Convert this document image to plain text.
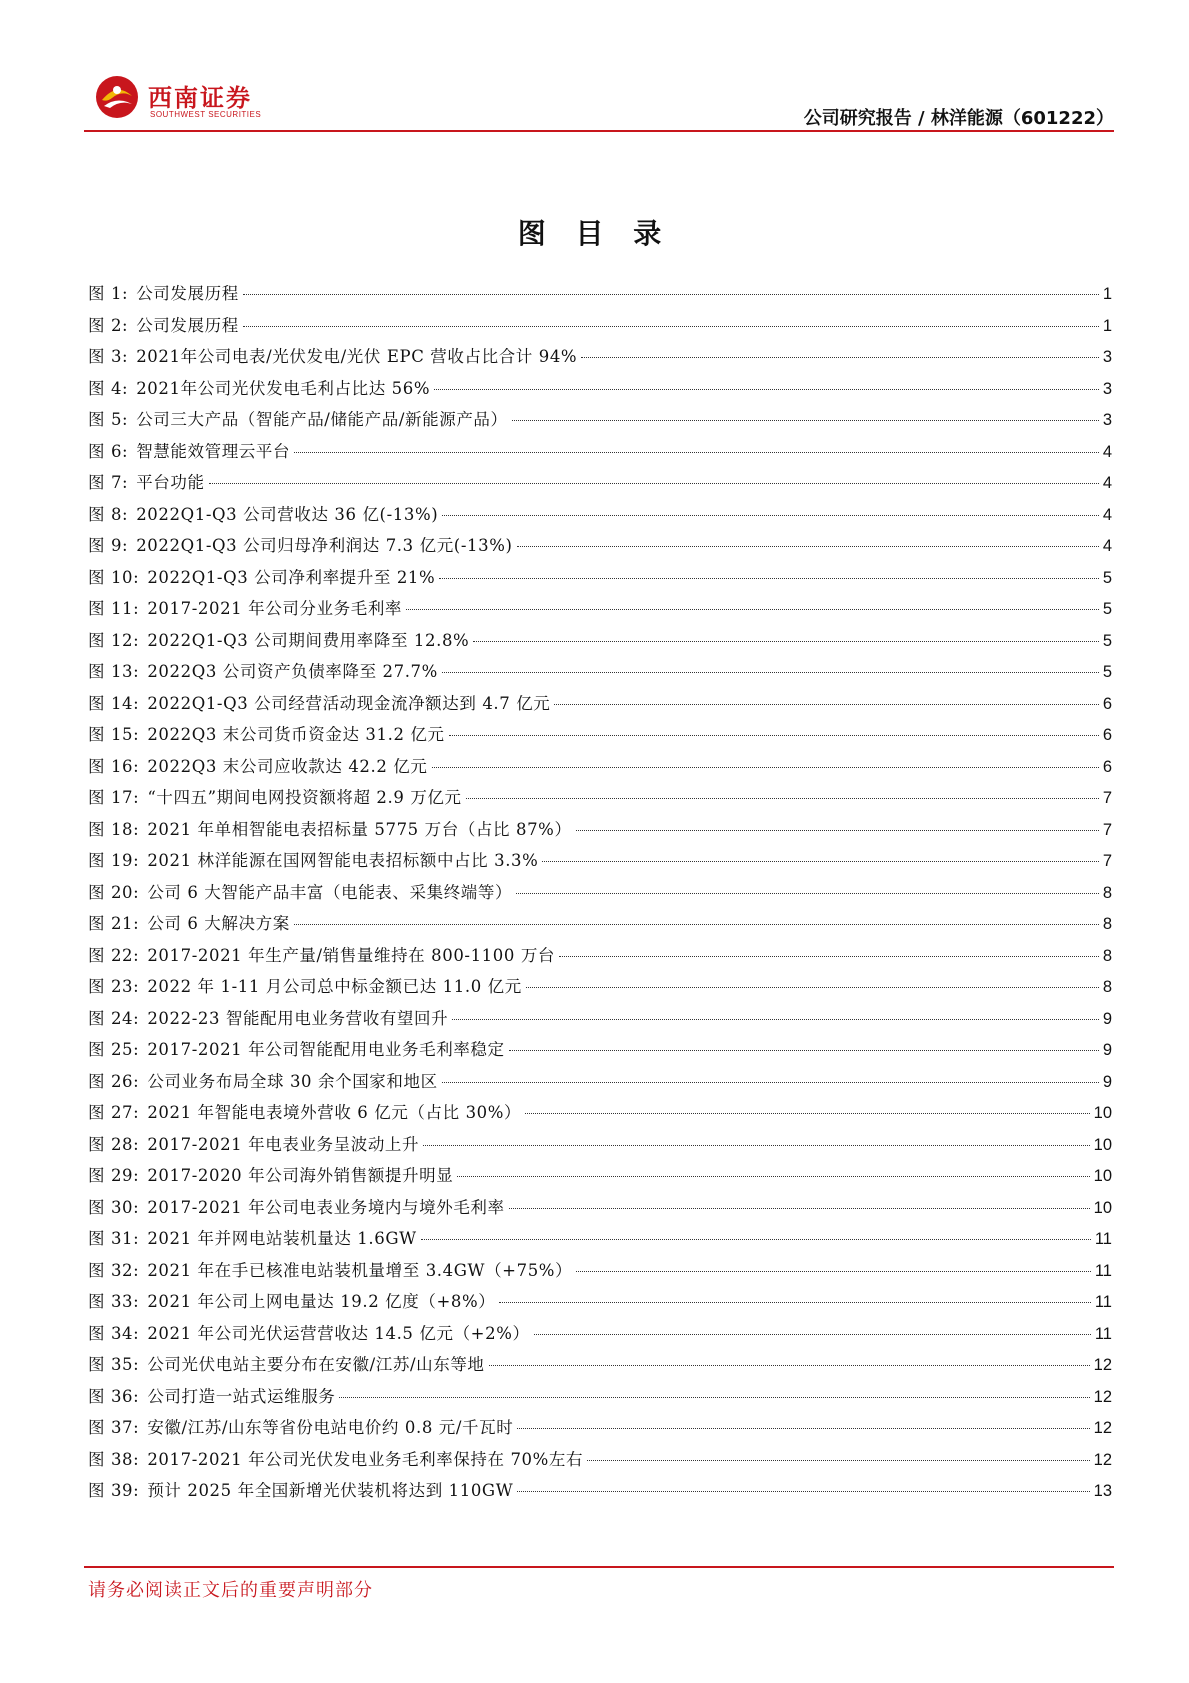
西南证券
SOUTHWEST SECURITIES	公司研究报告 / 林洋能源（601222）
图 目 录
图 1: 公司发展历程	1
图 2: 公司发展历程	1
图 3: 2021年公司电表/光伏发电/光伏 EPC 营收占比合计 94%	3
图 4: 2021年公司光伏发电毛利占比达 56%	3
图 5: 公司三大产品（智能产品/储能产品/新能源产品）	3
图 6: 智慧能效管理云平台	4
图 7: 平台功能	4
图 8: 2022Q1-Q3 公司营收达 36 亿(-13%)	4
图 9: 2022Q1-Q3 公司归母净利润达 7.3 亿元(-13%)	4
图 10: 2022Q1-Q3 公司净利率提升至 21%	5
图 11: 2017-2021 年公司分业务毛利率	5
图 12: 2022Q1-Q3 公司期间费用率降至 12.8%	5
图 13: 2022Q3 公司资产负债率降至 27.7%	5
图 14: 2022Q1-Q3 公司经营活动现金流净额达到 4.7 亿元	6
图 15: 2022Q3 末公司货币资金达 31.2 亿元	6
图 16: 2022Q3 末公司应收款达 42.2 亿元	6
图 17: “十四五”期间电网投资额将超 2.9 万亿元	7
图 18: 2021 年单相智能电表招标量 5775 万台（占比 87%）	7
图 19: 2021 林洋能源在国网智能电表招标额中占比 3.3%	7
图 20: 公司 6 大智能产品丰富（电能表、采集终端等）	8
图 21: 公司 6 大解决方案	8
图 22: 2017-2021 年生产量/销售量维持在 800-1100 万台	8
图 23: 2022 年 1-11 月公司总中标金额已达 11.0 亿元	8
图 24: 2022-23 智能配用电业务营收有望回升	9
图 25: 2017-2021 年公司智能配用电业务毛利率稳定	9
图 26: 公司业务布局全球 30 余个国家和地区	9
图 27: 2021 年智能电表境外营收 6 亿元（占比 30%）	10
图 28: 2017-2021 年电表业务呈波动上升	10
图 29: 2017-2020 年公司海外销售额提升明显	10
图 30: 2017-2021 年公司电表业务境内与境外毛利率	10
图 31: 2021 年并网电站装机量达 1.6GW	11
图 32: 2021 年在手已核准电站装机量增至 3.4GW（+75%）	11
图 33: 2021 年公司上网电量达 19.2 亿度（+8%）	11
图 34: 2021 年公司光伏运营营收达 14.5 亿元（+2%）	11
图 35: 公司光伏电站主要分布在安徽/江苏/山东等地	12
图 36: 公司打造一站式运维服务	12
图 37: 安徽/江苏/山东等省份电站电价约 0.8 元/千瓦时	12
图 38: 2017-2021 年公司光伏发电业务毛利率保持在 70%左右	12
图 39: 预计 2025 年全国新增光伏装机将达到 110GW	13
请务必阅读正文后的重要声明部分
